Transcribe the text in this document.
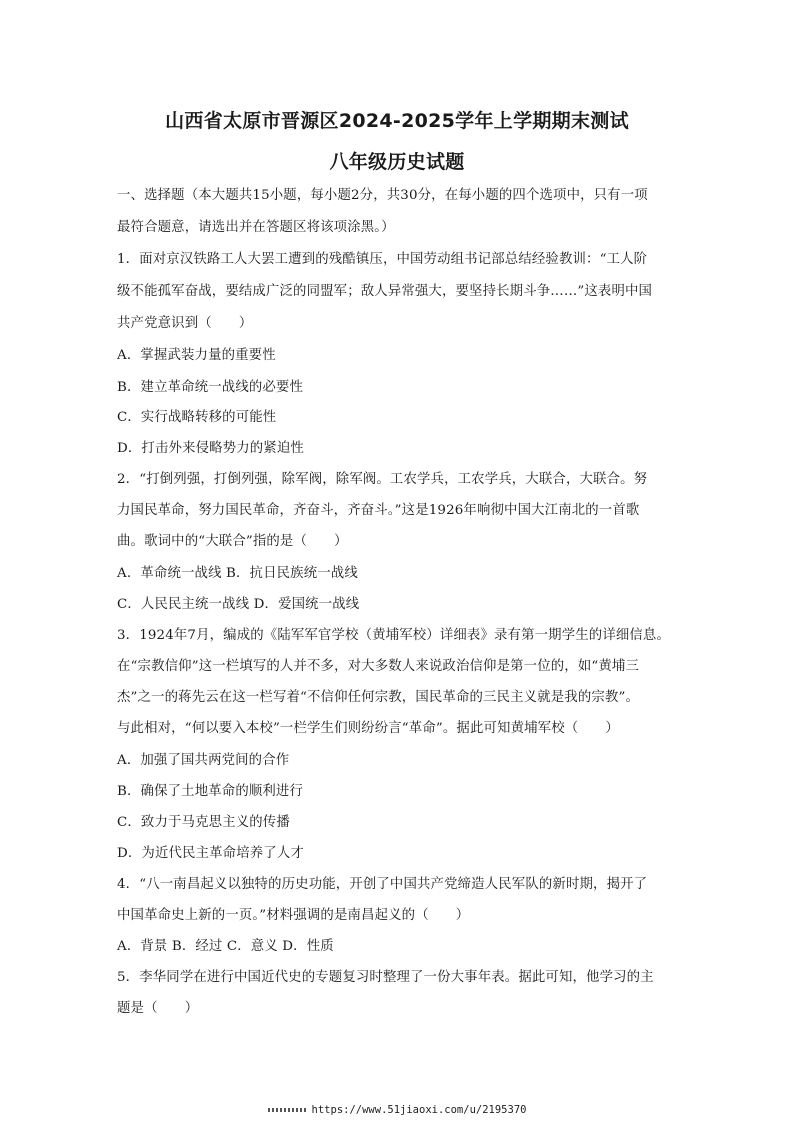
山西省太原市晋源区2024-2025学年上学期期末测试
八年级历史试题
一、选择题（本大题共15小题，每小题2分，共30分，在每小题的四个选项中，只有一项
最符合题意，请选出并在答题区将该项涂黑。）
1．面对京汉铁路工人大罢工遭到的残酷镇压，中国劳动组书记部总结经验教训：“工人阶
级不能孤军奋战，要结成广泛的同盟军；敌人异常强大，要坚持长期斗争……”这表明中国
共产党意识到（　　）
A．掌握武装力量的重要性
B．建立革命统一战线的必要性
C．实行战略转移的可能性
D．打击外来侵略势力的紧迫性
2．“打倒列强，打倒列强，除军阀，除军阀。工农学兵，工农学兵，大联合，大联合。努
力国民革命，努力国民革命，齐奋斗，齐奋斗。”这是1926年响彻中国大江南北的一首歌
曲。歌词中的“大联合”指的是（　　）
A．革命统一战线 B．抗日民族统一战线
C．人民民主统一战线 D．爱国统一战线
3．1924年7月，编成的《陆军军官学校（黄埔军校）详细表》录有第一期学生的详细信息。
在“宗教信仰”这一栏填写的人并不多，对大多数人来说政治信仰是第一位的，如“黄埔三
杰”之一的蒋先云在这一栏写着“不信仰任何宗教，国民革命的三民主义就是我的宗教”。
与此相对，“何以要入本校”一栏学生们则纷纷言“革命”。据此可知黄埔军校（　　）
A．加强了国共两党间的合作
B．确保了土地革命的顺利进行
C．致力于马克思主义的传播
D．为近代民主革命培养了人才
4．“八一南昌起义以独特的历史功能，开创了中国共产党缔造人民军队的新时期，揭开了
中国革命史上新的一页。”材料强调的是南昌起义的（　　）
A．背景 B．经过 C．意义 D．性质
5．李华同学在进行中国近代史的专题复习时整理了一份大事年表。据此可知，他学习的主
题是（　　）
https://www.51jiaoxi.com/u/2195370
